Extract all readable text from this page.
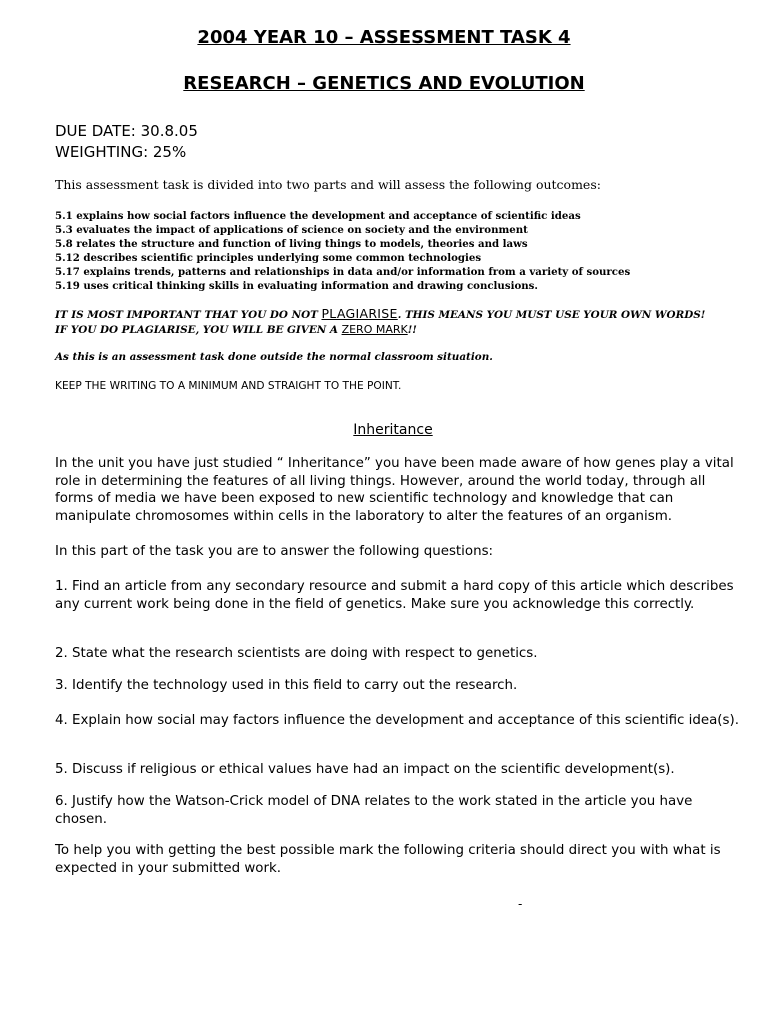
2004 YEAR 10 – ASSESSMENT TASK 4
RESEARCH – GENETICS AND EVOLUTION
DUE DATE: 30.8.05
WEIGHTING: 25%
This assessment task is divided into two parts and will assess the following outcomes:
5.1 explains how social factors influence the development and acceptance of scientific ideas
5.3 evaluates the impact of applications of science on society and the environment
5.8 relates the structure and function of living things to models, theories and laws
5.12 describes scientific principles underlying some common technologies
5.17 explains trends, patterns and relationships in data and/or information from a variety of sources
5.19 uses critical thinking skills in evaluating information and drawing conclusions.
IT IS MOST IMPORTANT THAT YOU DO NOT PLAGIARISE. THIS MEANS YOU MUST USE YOUR OWN WORDS!
IF YOU DO PLAGIARISE, YOU WILL BE GIVEN A ZERO MARK!!
As this is an assessment task done outside the normal classroom situation.
KEEP THE WRITING TO A MINIMUM AND STRAIGHT TO THE POINT.
Inheritance
In the unit you have just studied “ Inheritance” you have been made aware of how genes play a vital role in determining the features of all living things. However, around the world today, through all forms of media we have been exposed to new scientific technology and knowledge that can manipulate chromosomes within cells in the laboratory to alter the features of an organism.
In this part of the task you are to answer the following questions:
1. Find an article from any secondary resource and submit a hard copy of this article which describes any current work being done in the field of genetics. Make sure you acknowledge this correctly.
2. State what the research scientists are doing with respect to genetics.
3. Identify the technology used in this field to carry out the research.
4. Explain how social may factors influence the development and acceptance of this scientific idea(s).
5. Discuss if religious or ethical values have had an impact on the scientific development(s).
6. Justify how the Watson-Crick model of DNA relates to the work stated in the article you have chosen.
To help you with getting the best possible mark the following criteria should direct you with what is expected in your submitted work.
-
